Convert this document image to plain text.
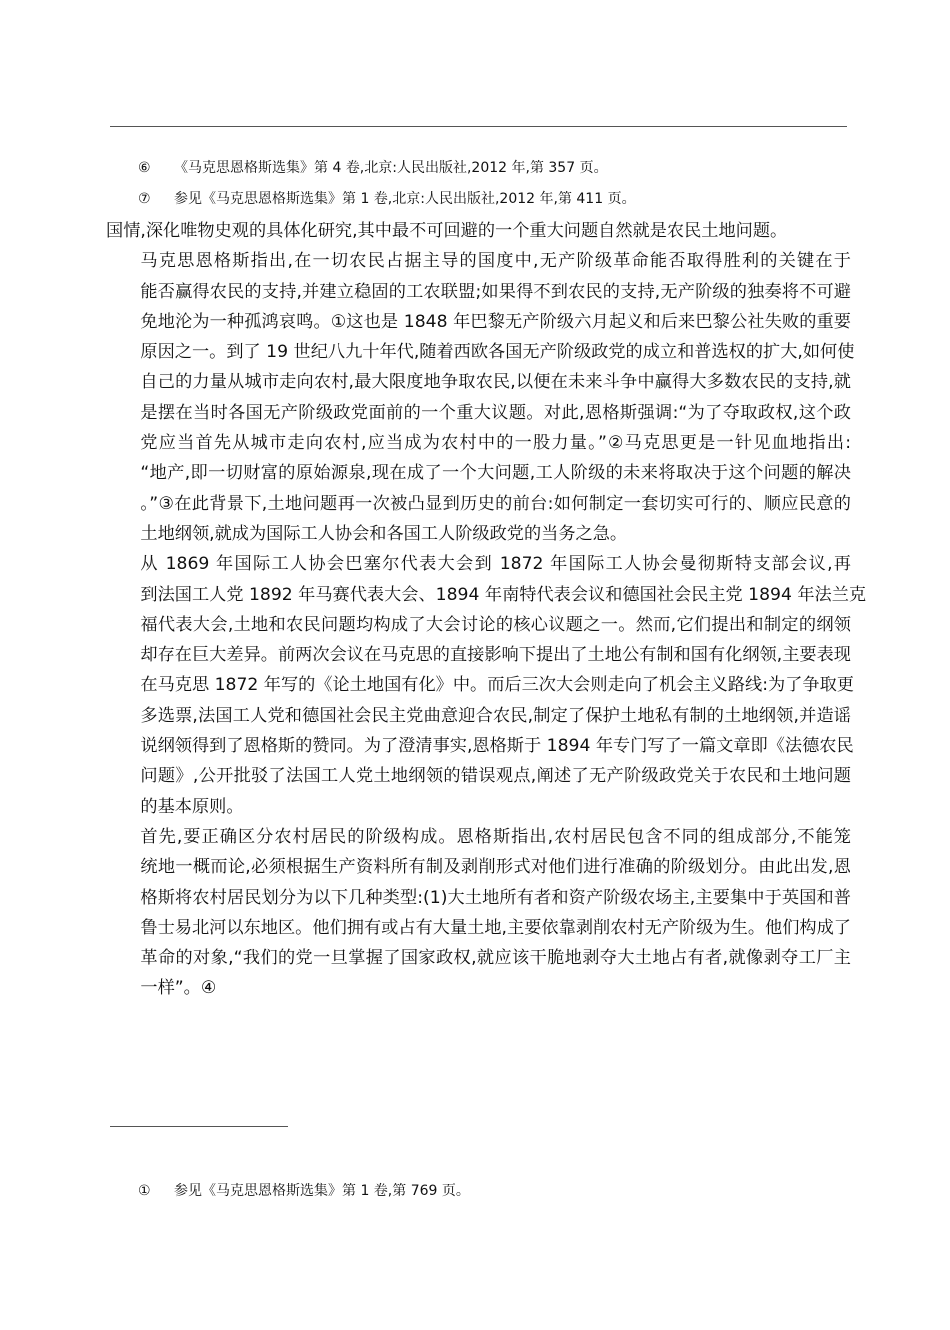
⑥ 《马克思恩格斯选集》第 4 卷,北京:人民出版社,2012 年,第 357 页。
⑦ 参见《马克思恩格斯选集》第 1 卷,北京:人民出版社,2012 年,第 411 页。

国情,深化唯物史观的具体化研究,其中最不可回避的一个重大问题自然就是农民土地问题。

马克思恩格斯指出,在一切农民占据主导的国度中,无产阶级革命能否取得胜利的关键在于
能否赢得农民的支持,并建立稳固的工农联盟;如果得不到农民的支持,无产阶级的独奏将不可避
免地沦为一种孤鸿哀鸣。①这也是 1848 年巴黎无产阶级六月起义和后来巴黎公社失败的重要
原因之一。到了 19 世纪八九十年代,随着西欧各国无产阶级政党的成立和普选权的扩大,如何使
自己的力量从城市走向农村,最大限度地争取农民,以便在未来斗争中赢得大多数农民的支持,就
是摆在当时各国无产阶级政党面前的一个重大议题。对此,恩格斯强调:“为了夺取政权,这个政
党应当首先从城市走向农村,应当成为农村中的一股力量。”②马克思更是一针见血地指出:
“地产,即一切财富的原始源泉,现在成了一个大问题,工人阶级的未来将取决于这个问题的解决
。”③在此背景下,土地问题再一次被凸显到历史的前台:如何制定一套切实可行的、顺应民意的
土地纲领,就成为国际工人协会和各国工人阶级政党的当务之急。

从 1869 年国际工人协会巴塞尔代表大会到 1872 年国际工人协会曼彻斯特支部会议,再
到法国工人党 1892 年马赛代表大会、1894 年南特代表会议和德国社会民主党 1894 年法兰克
福代表大会,土地和农民问题均构成了大会讨论的核心议题之一。然而,它们提出和制定的纲领
却存在巨大差异。前两次会议在马克思的直接影响下提出了土地公有制和国有化纲领,主要表现
在马克思 1872 年写的《论土地国有化》中。而后三次大会则走向了机会主义路线:为了争取更
多选票,法国工人党和德国社会民主党曲意迎合农民,制定了保护土地私有制的土地纲领,并造谣
说纲领得到了恩格斯的赞同。为了澄清事实,恩格斯于 1894 年专门写了一篇文章即《法德农民
问题》,公开批驳了法国工人党土地纲领的错误观点,阐述了无产阶级政党关于农民和土地问题
的基本原则。

首先,要正确区分农村居民的阶级构成。恩格斯指出,农村居民包含不同的组成部分,不能笼
统地一概而论,必须根据生产资料所有制及剥削形式对他们进行准确的阶级划分。由此出发,恩
格斯将农村居民划分为以下几种类型:(1)大土地所有者和资产阶级农场主,主要集中于英国和普
鲁士易北河以东地区。他们拥有或占有大量土地,主要依靠剥削农村无产阶级为生。他们构成了
革命的对象,“我们的党一旦掌握了国家政权,就应该干脆地剥夺大土地占有者,就像剥夺工厂主
一样”。④

① 参见《马克思恩格斯选集》第 1 卷,第 769 页。
